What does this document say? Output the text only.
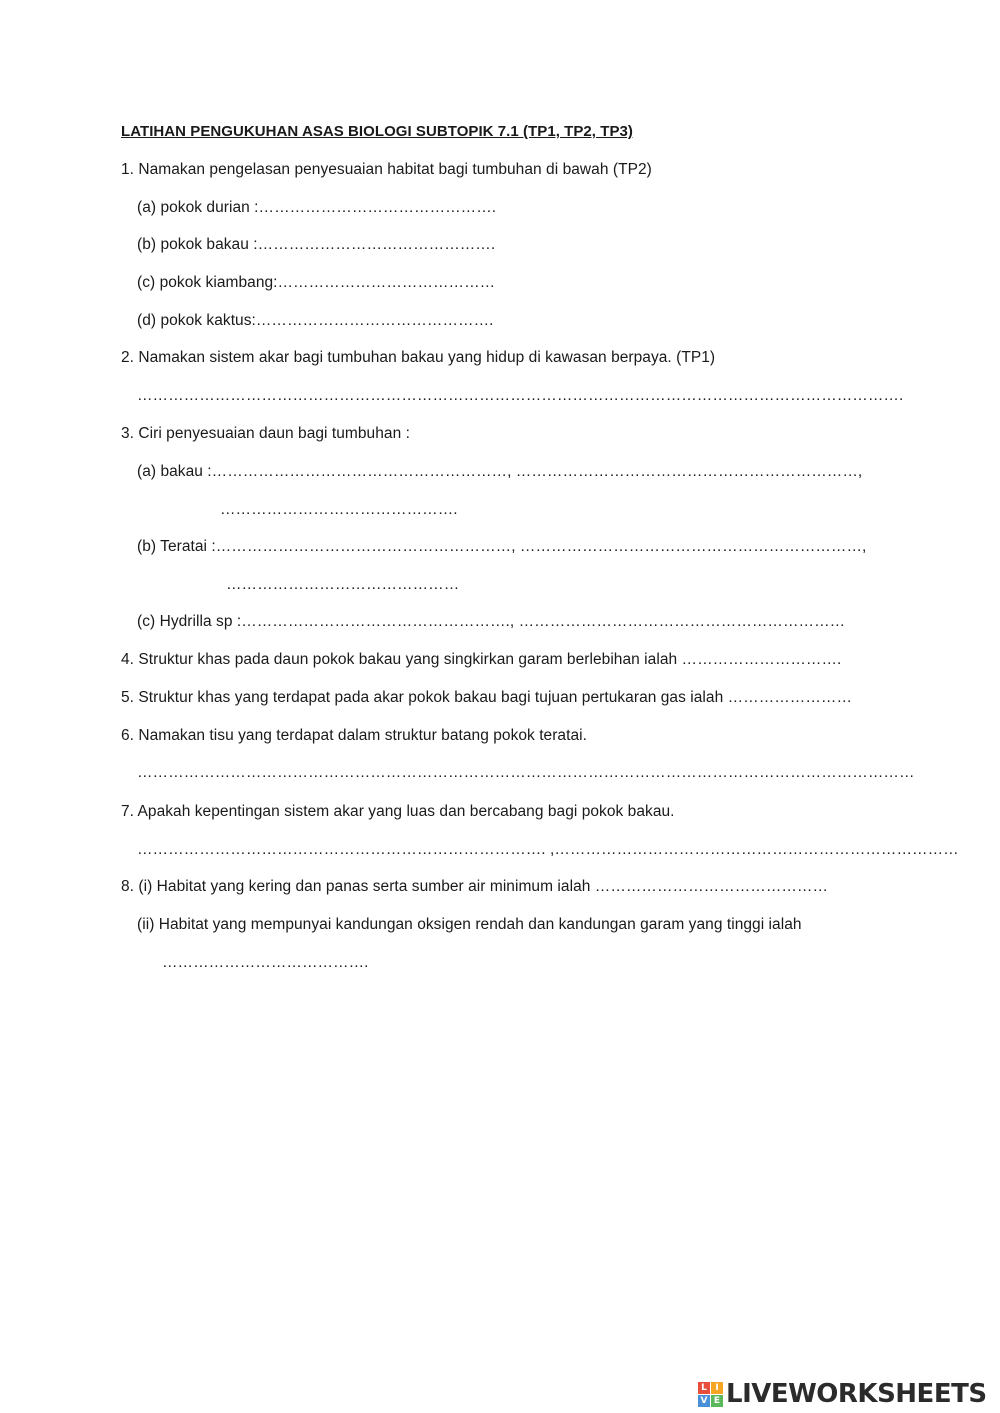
LATIHAN PENGUKUHAN ASAS BIOLOGI SUBTOPIK 7.1 (TP1, TP2, TP3)
1. Namakan pengelasan penyesuaian habitat bagi tumbuhan di bawah (TP2)
(a) pokok durian :……………………………………….
(b) pokok bakau :……………………………………….
(c) pokok kiambang:……………………………………
(d) pokok kaktus:……………………………………….
2. Namakan sistem akar bagi tumbuhan bakau yang hidup di kawasan berpaya. (TP1)
………………………………………………………………………………………………………………………………….
3. Ciri penyesuaian daun bagi tumbuhan :
(a) bakau :…………………………………………………, …………………………………………………………,
……………………………………….
(b) Teratai :…………………………………………………, …………………………………………………………,
………………………………………
(c) Hydrilla sp :……………………………………………., ………………………………………………………
4. Struktur khas pada daun pokok bakau yang singkirkan garam berlebihan ialah ………………………….
5. Struktur khas yang terdapat pada akar pokok bakau bagi tujuan pertukaran gas ialah ……………………
6. Namakan tisu yang terdapat dalam struktur batang pokok teratai.
……………………………………………………………………………………………………………………………………
7. Apakah kepentingan sistem akar yang luas dan bercabang bagi pokok bakau.
……………………………………………………………………. ,……………………………………………………………………
8. (i) Habitat yang kering dan panas serta sumber air minimum ialah ………………………………………
(ii) Habitat yang mempunyai kandungan oksigen rendah dan kandungan garam yang tinggi ialah
………………………………….
L I
V E LIVEWORKSHEETS
